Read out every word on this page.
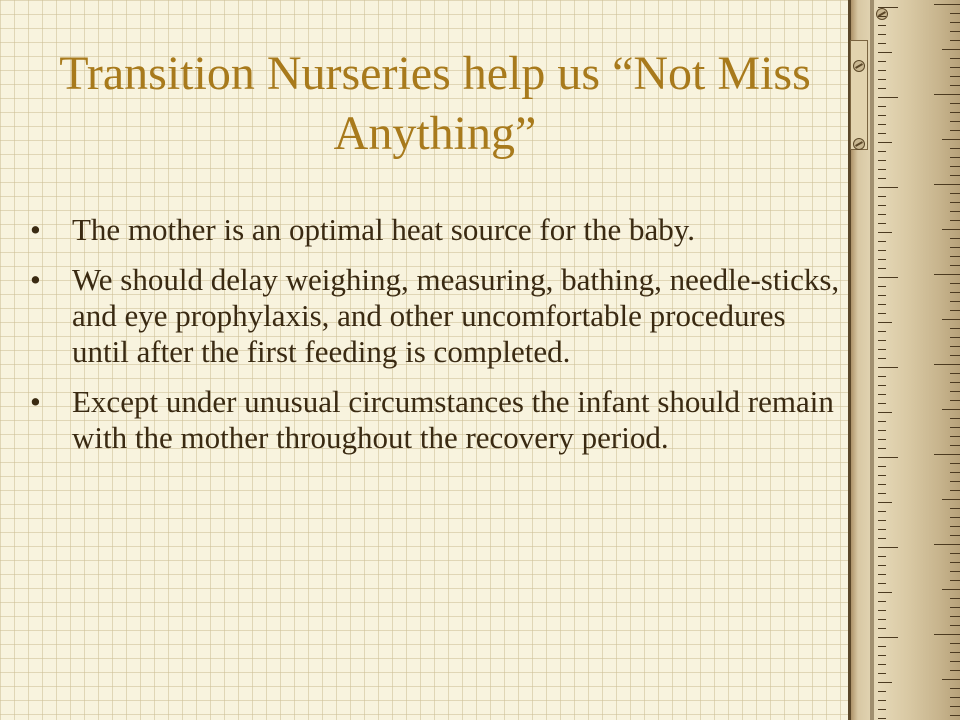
Transition Nurseries help us “Not Miss Anything”
• The mother is an optimal heat source for the baby.
• We should delay weighing, measuring, bathing, needle-sticks, and eye prophylaxis, and other uncomfortable procedures until after the first feeding is completed.
• Except under unusual circumstances the infant should remain with the mother throughout the recovery period.
